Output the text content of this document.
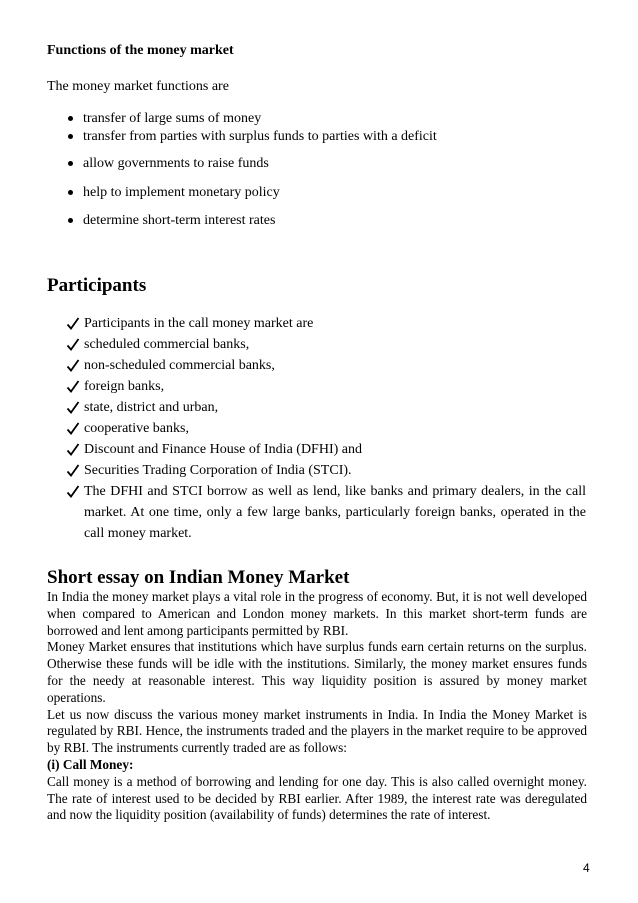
Functions of the money market
The money market functions are
transfer of large sums of money
transfer from parties with surplus funds to parties with a deficit
allow governments to raise funds
help to implement monetary policy
determine short-term interest rates
Participants
Participants in the call money market are
scheduled commercial banks,
non-scheduled commercial banks,
foreign banks,
state, district and urban,
cooperative banks,
Discount and Finance House of India (DFHI) and
Securities Trading Corporation of India (STCI).
The DFHI and STCI borrow as well as lend, like banks and primary dealers, in the call market. At one time, only a few large banks, particularly foreign banks, operated in the call money market.
Short essay on Indian Money Market

In India the money market plays a vital role in the progress of economy. But, it is not well developed when compared to American and London money markets. In this market short-term funds are borrowed and lent among participants permitted by RBI.

Money Market ensures that institutions which have surplus funds earn certain returns on the surplus. Otherwise these funds will be idle with the institutions. Similarly, the money market ensures funds for the needy at reasonable interest. This way liquidity position is assured by money market operations.

Let us now discuss the various money market instruments in India. In India the Money Market is regulated by RBI. Hence, the instruments traded and the players in the market require to be approved by RBI. The instruments currently traded are as follows:

(i) Call Money:

Call money is a method of borrowing and lending for one day. This is also called overnight money. The rate of interest used to be decided by RBI earlier. After 1989, the interest rate was deregulated and now the liquidity position (availability of funds) determines the rate of interest.

4
